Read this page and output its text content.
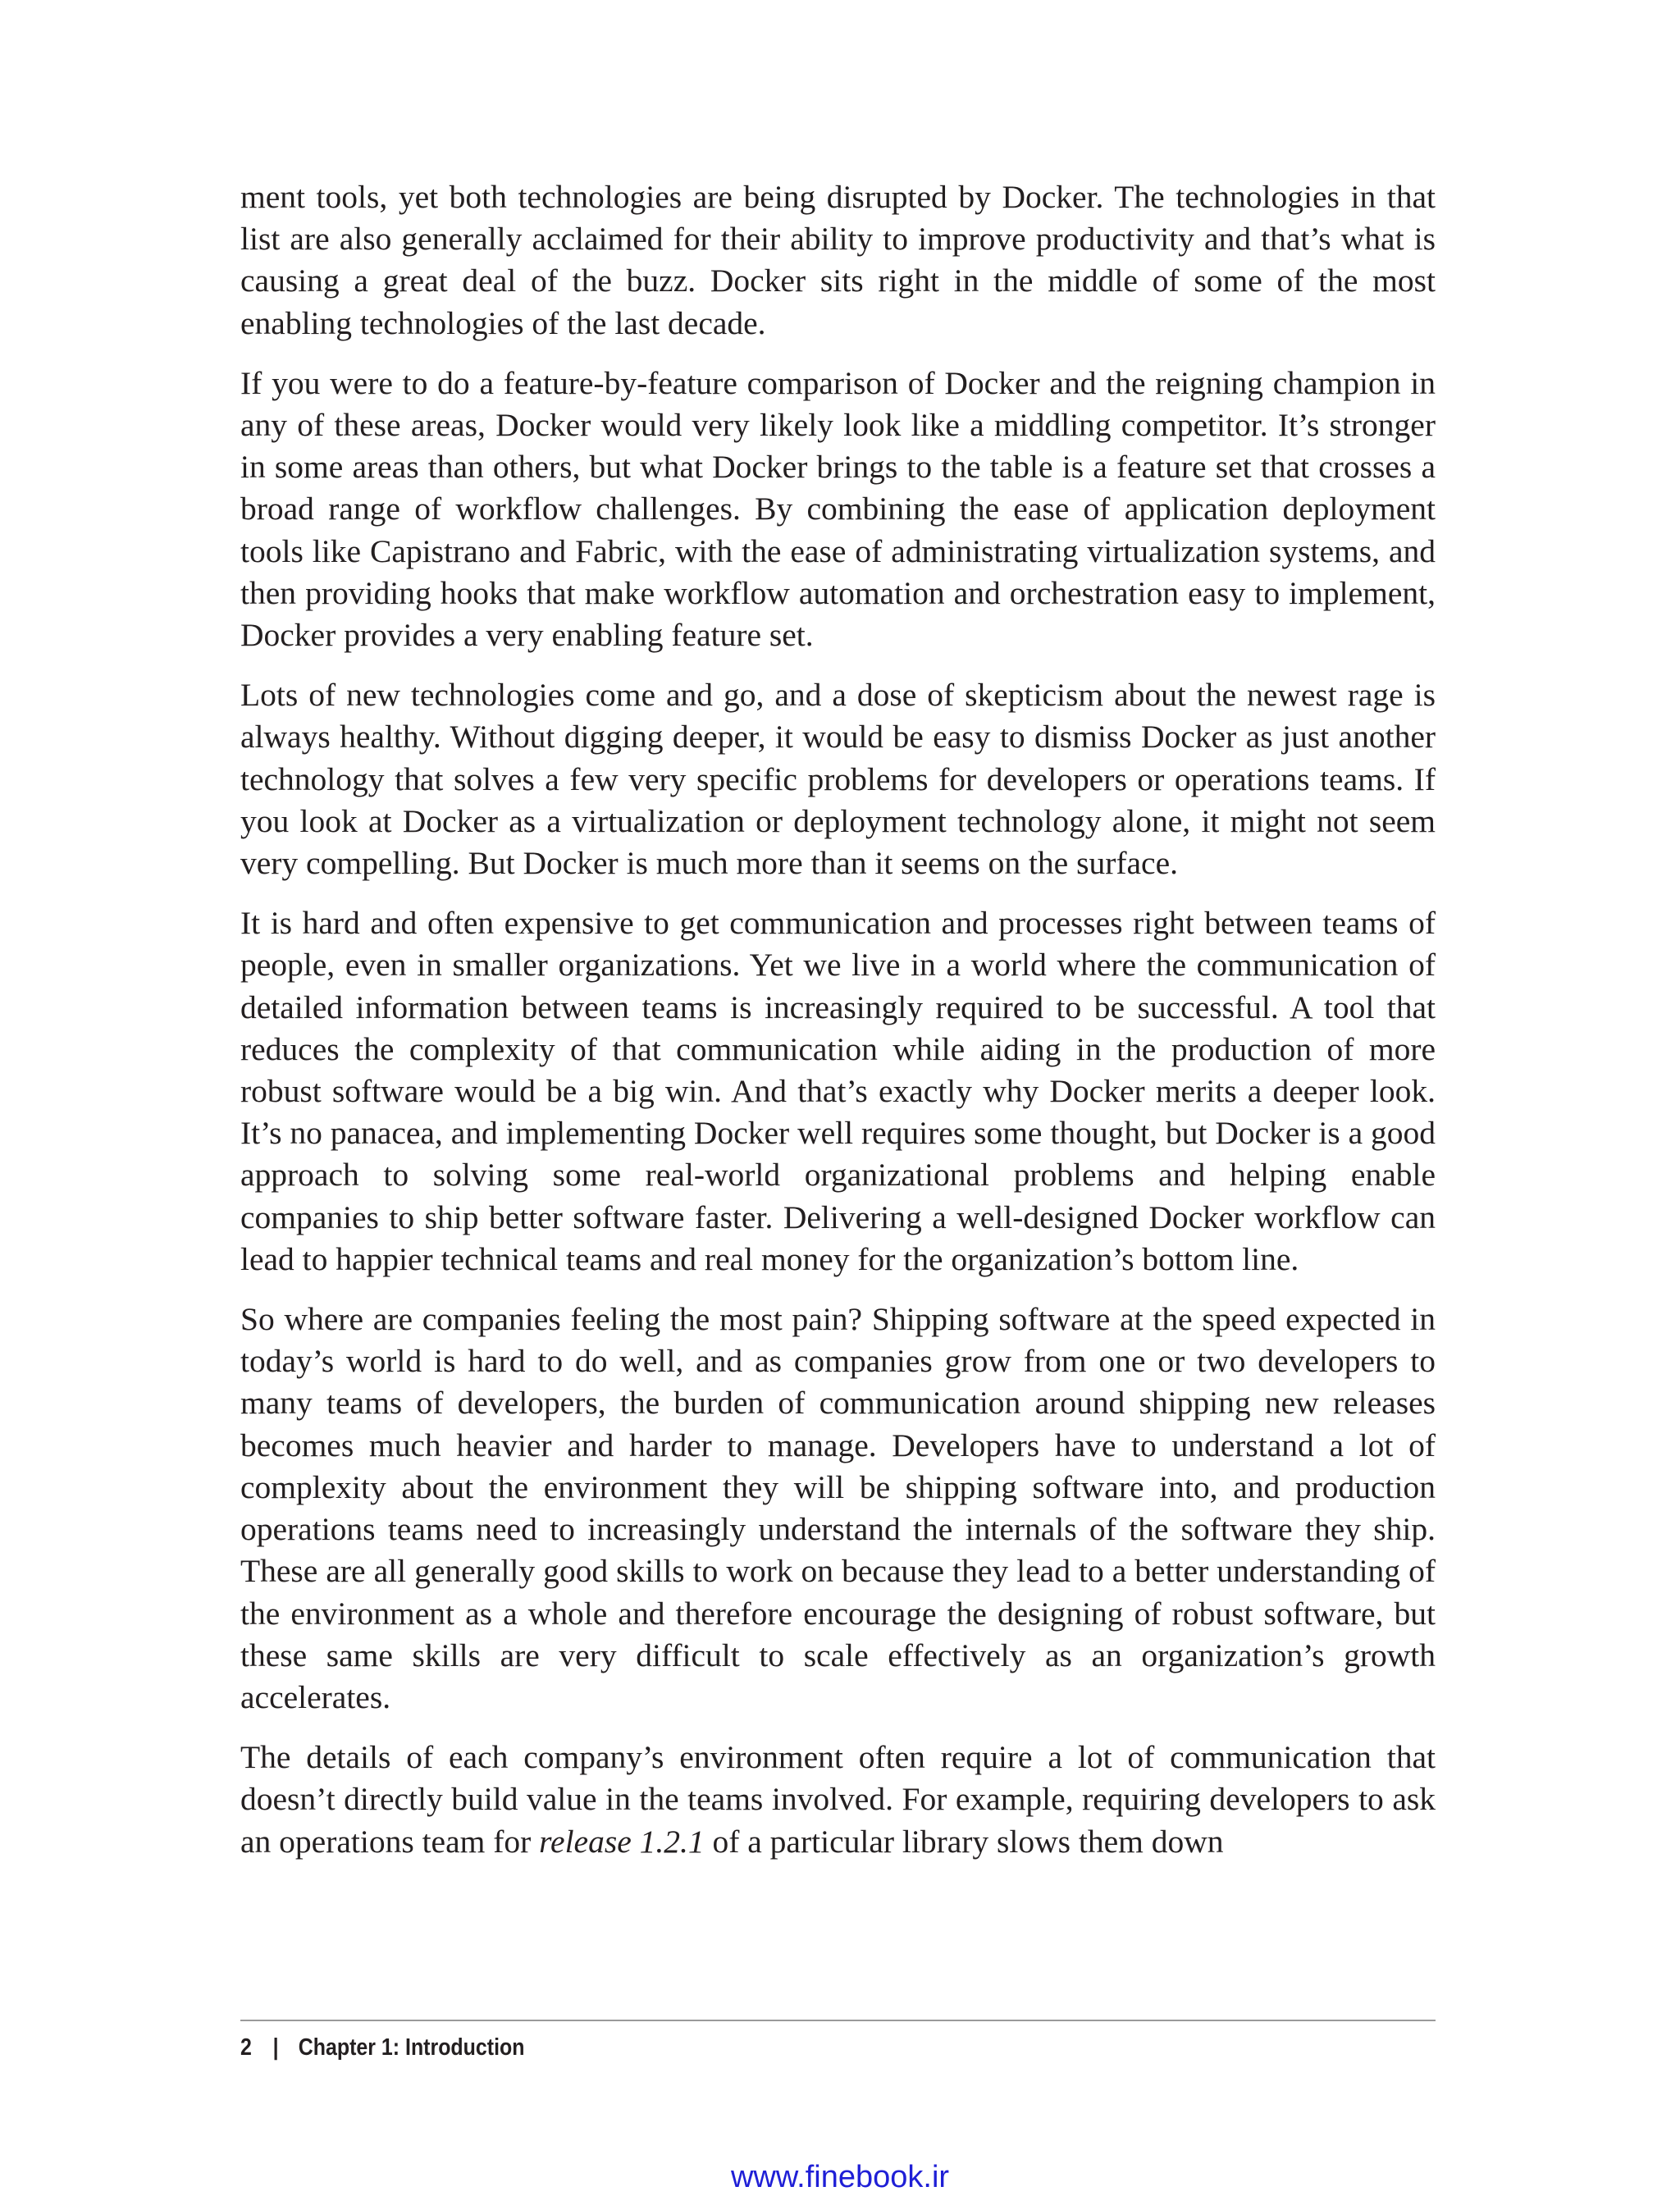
ment tools, yet both technologies are being disrupted by Docker. The technologies in that list are also generally acclaimed for their ability to improve productivity and that’s what is causing a great deal of the buzz. Docker sits right in the middle of some of the most enabling technologies of the last decade.

If you were to do a feature-by-feature comparison of Docker and the reigning champion in any of these areas, Docker would very likely look like a middling competitor. It’s stronger in some areas than others, but what Docker brings to the table is a feature set that crosses a broad range of workflow challenges. By combining the ease of application deployment tools like Capistrano and Fabric, with the ease of administrating virtualization systems, and then providing hooks that make workflow automation and orchestration easy to implement, Docker provides a very enabling feature set.

Lots of new technologies come and go, and a dose of skepticism about the newest rage is always healthy. Without digging deeper, it would be easy to dismiss Docker as just another technology that solves a few very specific problems for developers or operations teams. If you look at Docker as a virtualization or deployment technology alone, it might not seem very compelling. But Docker is much more than it seems on the surface.

It is hard and often expensive to get communication and processes right between teams of people, even in smaller organizations. Yet we live in a world where the communication of detailed information between teams is increasingly required to be successful. A tool that reduces the complexity of that communication while aiding in the production of more robust software would be a big win. And that’s exactly why Docker merits a deeper look. It’s no panacea, and implementing Docker well requires some thought, but Docker is a good approach to solving some real-world organizational problems and helping enable companies to ship better software faster. Delivering a well-designed Docker workflow can lead to happier technical teams and real money for the organization’s bottom line.

So where are companies feeling the most pain? Shipping software at the speed expected in today’s world is hard to do well, and as companies grow from one or two developers to many teams of developers, the burden of communication around shipping new releases becomes much heavier and harder to manage. Developers have to understand a lot of complexity about the environment they will be shipping software into, and production operations teams need to increasingly understand the internals of the software they ship. These are all generally good skills to work on because they lead to a better understanding of the environment as a whole and therefore encourage the designing of robust software, but these same skills are very difficult to scale effectively as an organization’s growth accelerates.

The details of each company’s environment often require a lot of communication that doesn’t directly build value in the teams involved. For example, requiring developers to ask an operations team for release 1.2.1 of a particular library slows them down

2 | Chapter 1: Introduction
www.finebook.ir
